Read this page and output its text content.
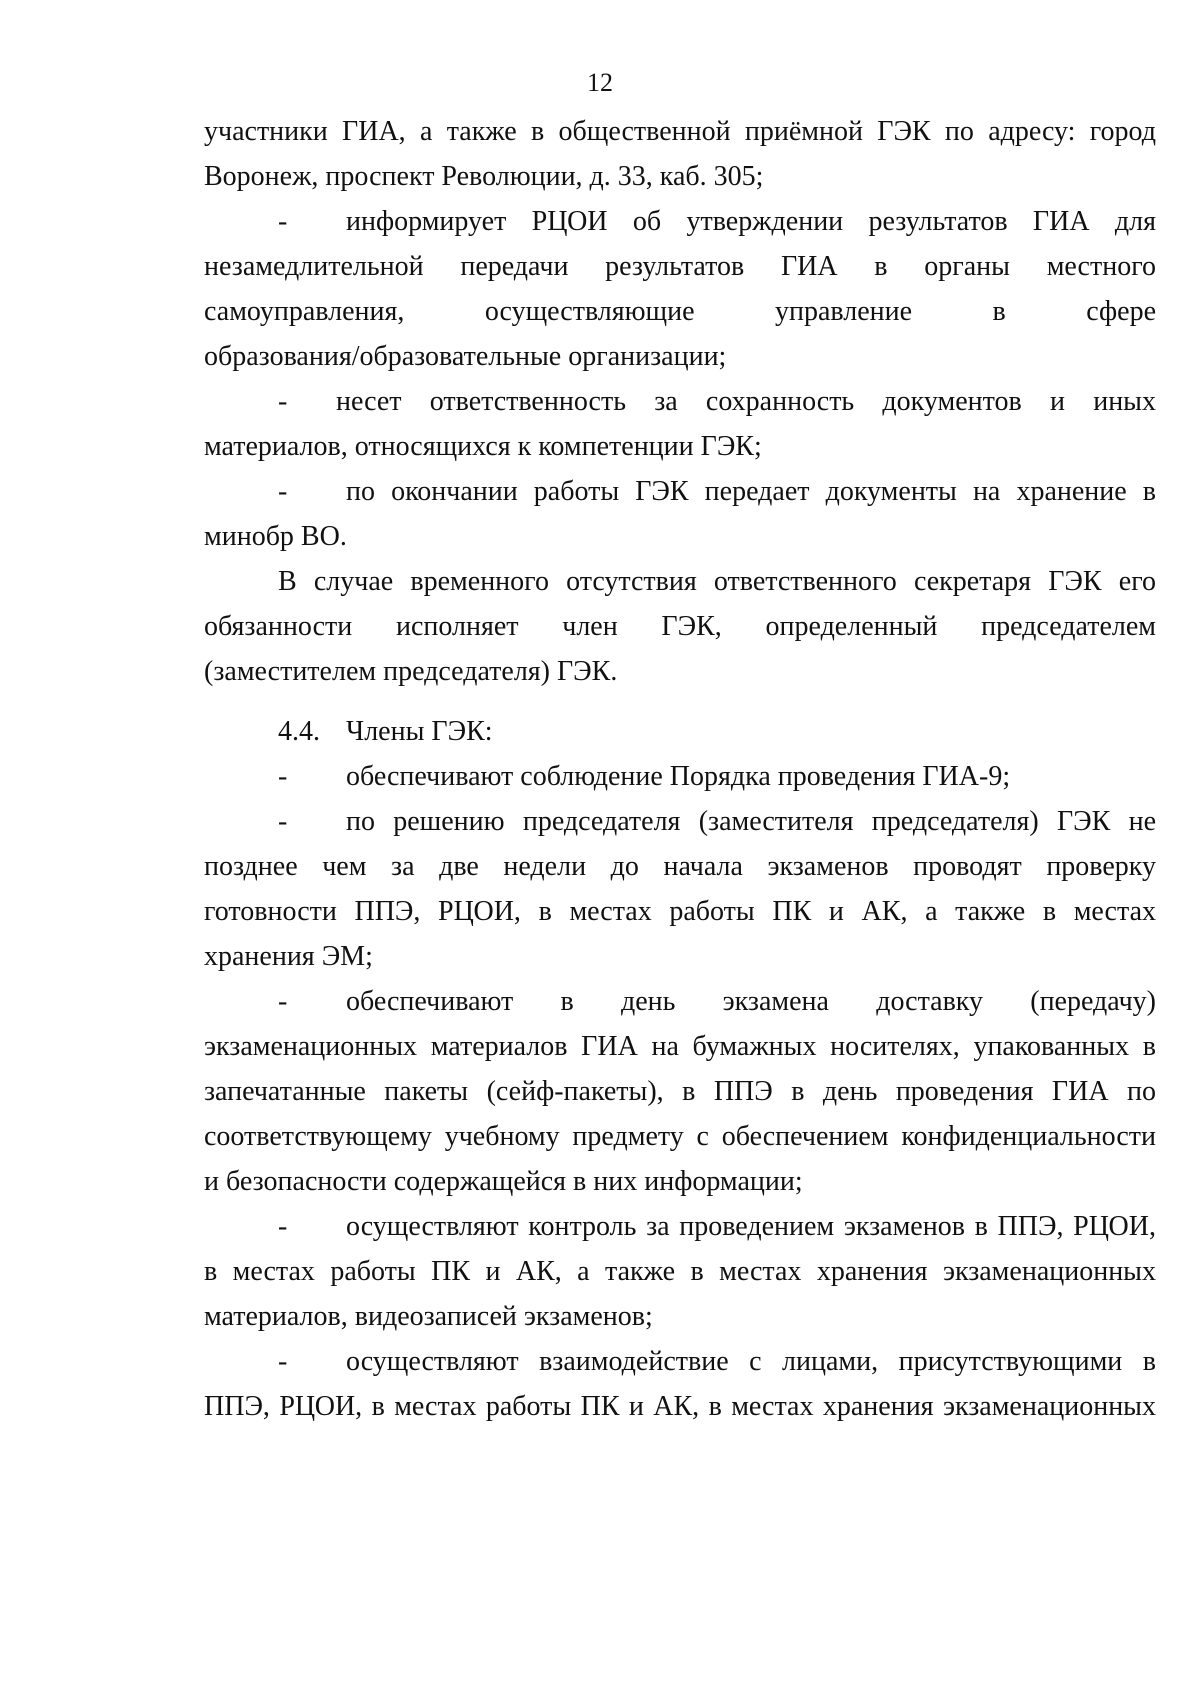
12
участники ГИА, а также в общественной приёмной ГЭК по адресу: город
Воронеж, проспект Революции, д. 33, каб. 305;
- информирует РЦОИ об утверждении результатов ГИА для
незамедлительной передачи результатов ГИА в органы местного
самоуправления, осуществляющие управление в сфере
образования/образовательные организации;
- несет ответственность за сохранность документов и иных
материалов, относящихся к компетенции ГЭК;
- по окончании работы ГЭК передает документы на хранение в
минобр ВО.
В случае временного отсутствия ответственного секретаря ГЭК его
обязанности исполняет член ГЭК, определенный председателем
(заместителем председателя) ГЭК.
4.4. Члены ГЭК:
- обеспечивают соблюдение Порядка проведения ГИА-9;
- по решению председателя (заместителя председателя) ГЭК не
позднее чем за две недели до начала экзаменов проводят проверку
готовности ППЭ, РЦОИ, в местах работы ПК и АК, а также в местах
хранения ЭМ;
- обеспечивают в день экзамена доставку (передачу)
экзаменационных материалов ГИА на бумажных носителях, упакованных в
запечатанные пакеты (сейф-пакеты), в ППЭ в день проведения ГИА по
соответствующему учебному предмету с обеспечением конфиденциальности
и безопасности содержащейся в них информации;
- осуществляют контроль за проведением экзаменов в ППЭ, РЦОИ,
в местах работы ПК и АК, а также в местах хранения экзаменационных
материалов, видеозаписей экзаменов;
- осуществляют взаимодействие с лицами, присутствующими в
ППЭ, РЦОИ, в местах работы ПК и АК, в местах хранения экзаменационных
